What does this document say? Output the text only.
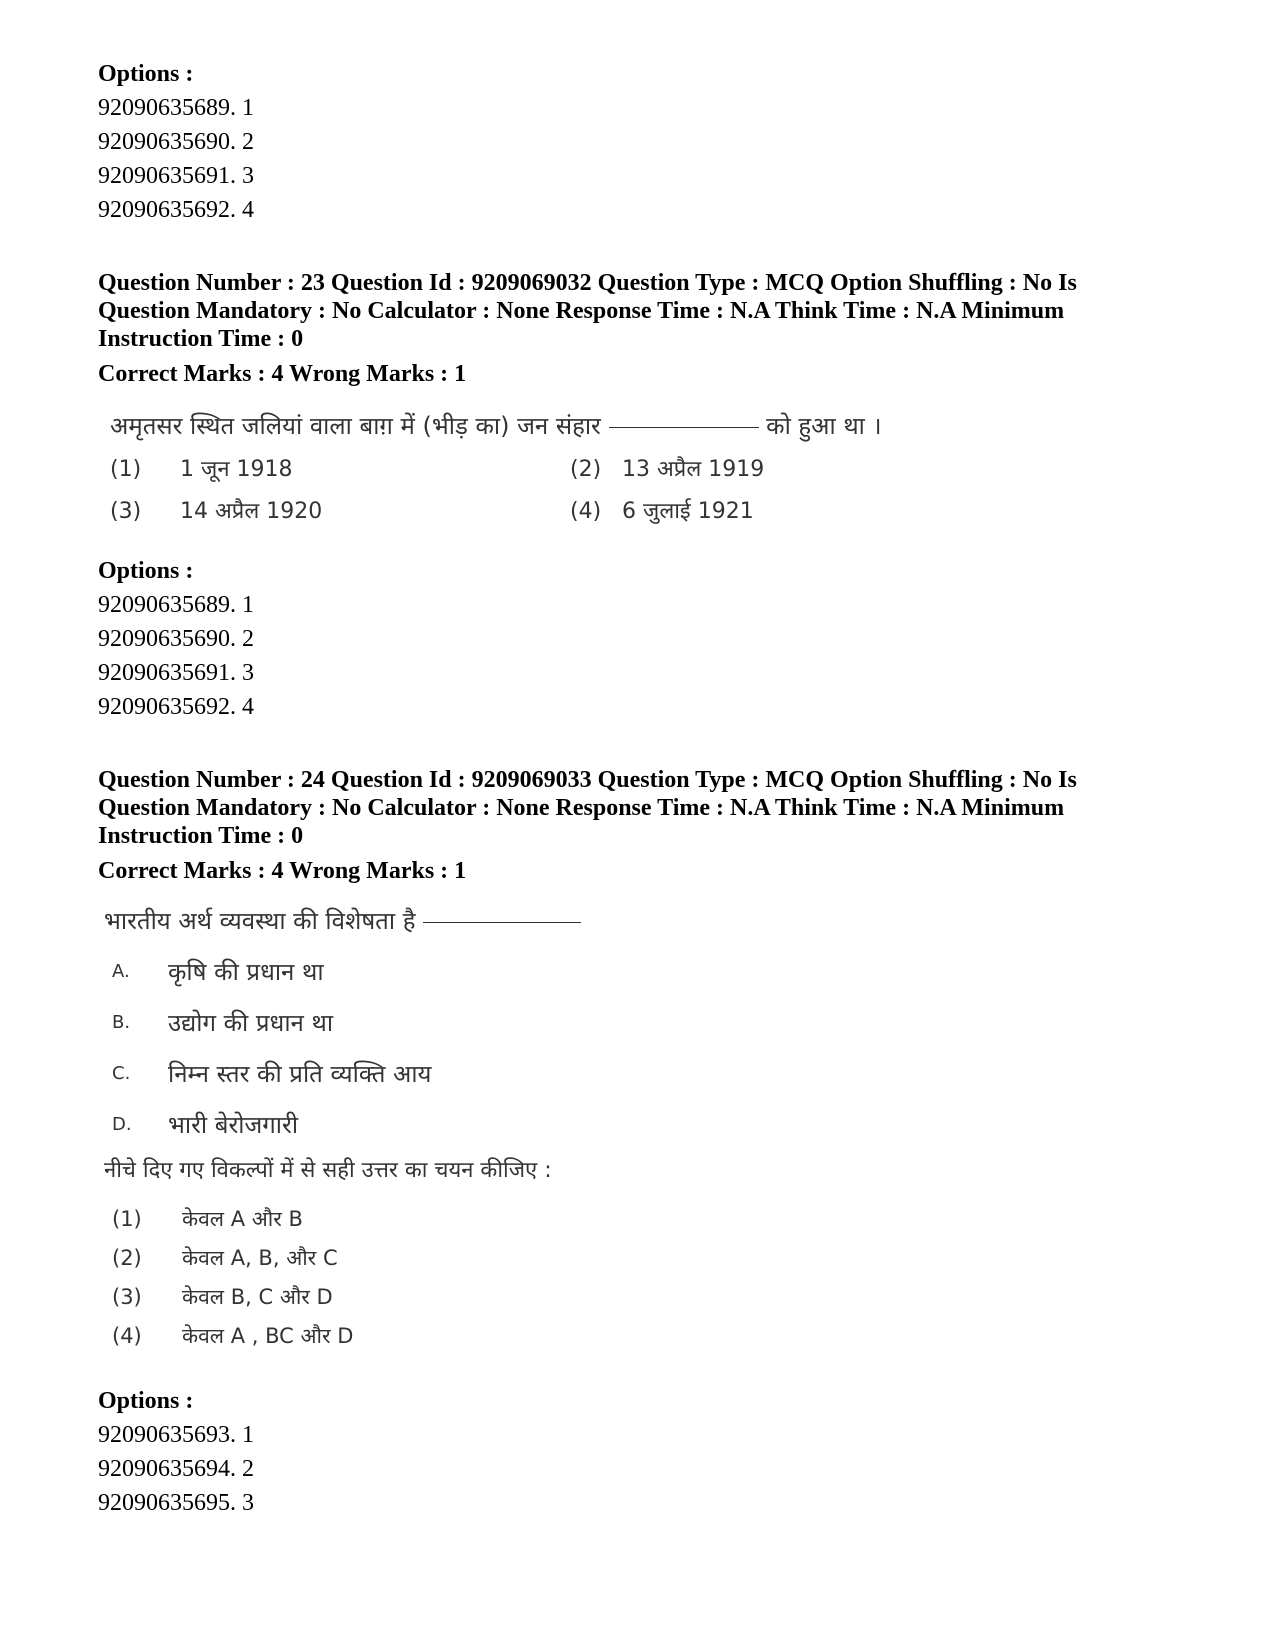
Options :

92090635689. 1

92090635690. 2

92090635691. 3

92090635692. 4

Question Number : 23 Question Id : 9209069032 Question Type : MCQ Option Shuffling : No Is

Question Mandatory : No Calculator : None Response Time : N.A Think Time : N.A Minimum

Instruction Time : 0

Correct Marks : 4 Wrong Marks : 1

अमृतसर स्थित जलियां वाला बाग़ में (भीड़ का) जन संहार	को हुआ था ।
(1)	1 जून 1918	(2) 13 अप्रैल 1919
(3)	14 अप्रैल 1920	(4) 6 जुलाई 1921

Options :

92090635689. 1

92090635690. 2

92090635691. 3

92090635692. 4

Question Number : 24 Question Id : 9209069033 Question Type : MCQ Option Shuffling : No Is

Question Mandatory : No Calculator : None Response Time : N.A Think Time : N.A Minimum

Instruction Time : 0

Correct Marks : 4 Wrong Marks : 1

भारतीय अर्थ व्यवस्था की विशेषता है
A.	कृषि की प्रधान था
B.	उद्योग की प्रधान था
C.	निम्न स्तर की प्रति व्यक्ति आय
D.	भारी बेरोजगारी
नीचे दिए गए विकल्पों में से सही उत्तर का चयन कीजिए :
(1)	केवल A और B
(2)	केवल A, B, और C
(3)	केवल B, C और D
(4)	केवल A , BC और D

Options :

92090635693. 1

92090635694. 2

92090635695. 3
